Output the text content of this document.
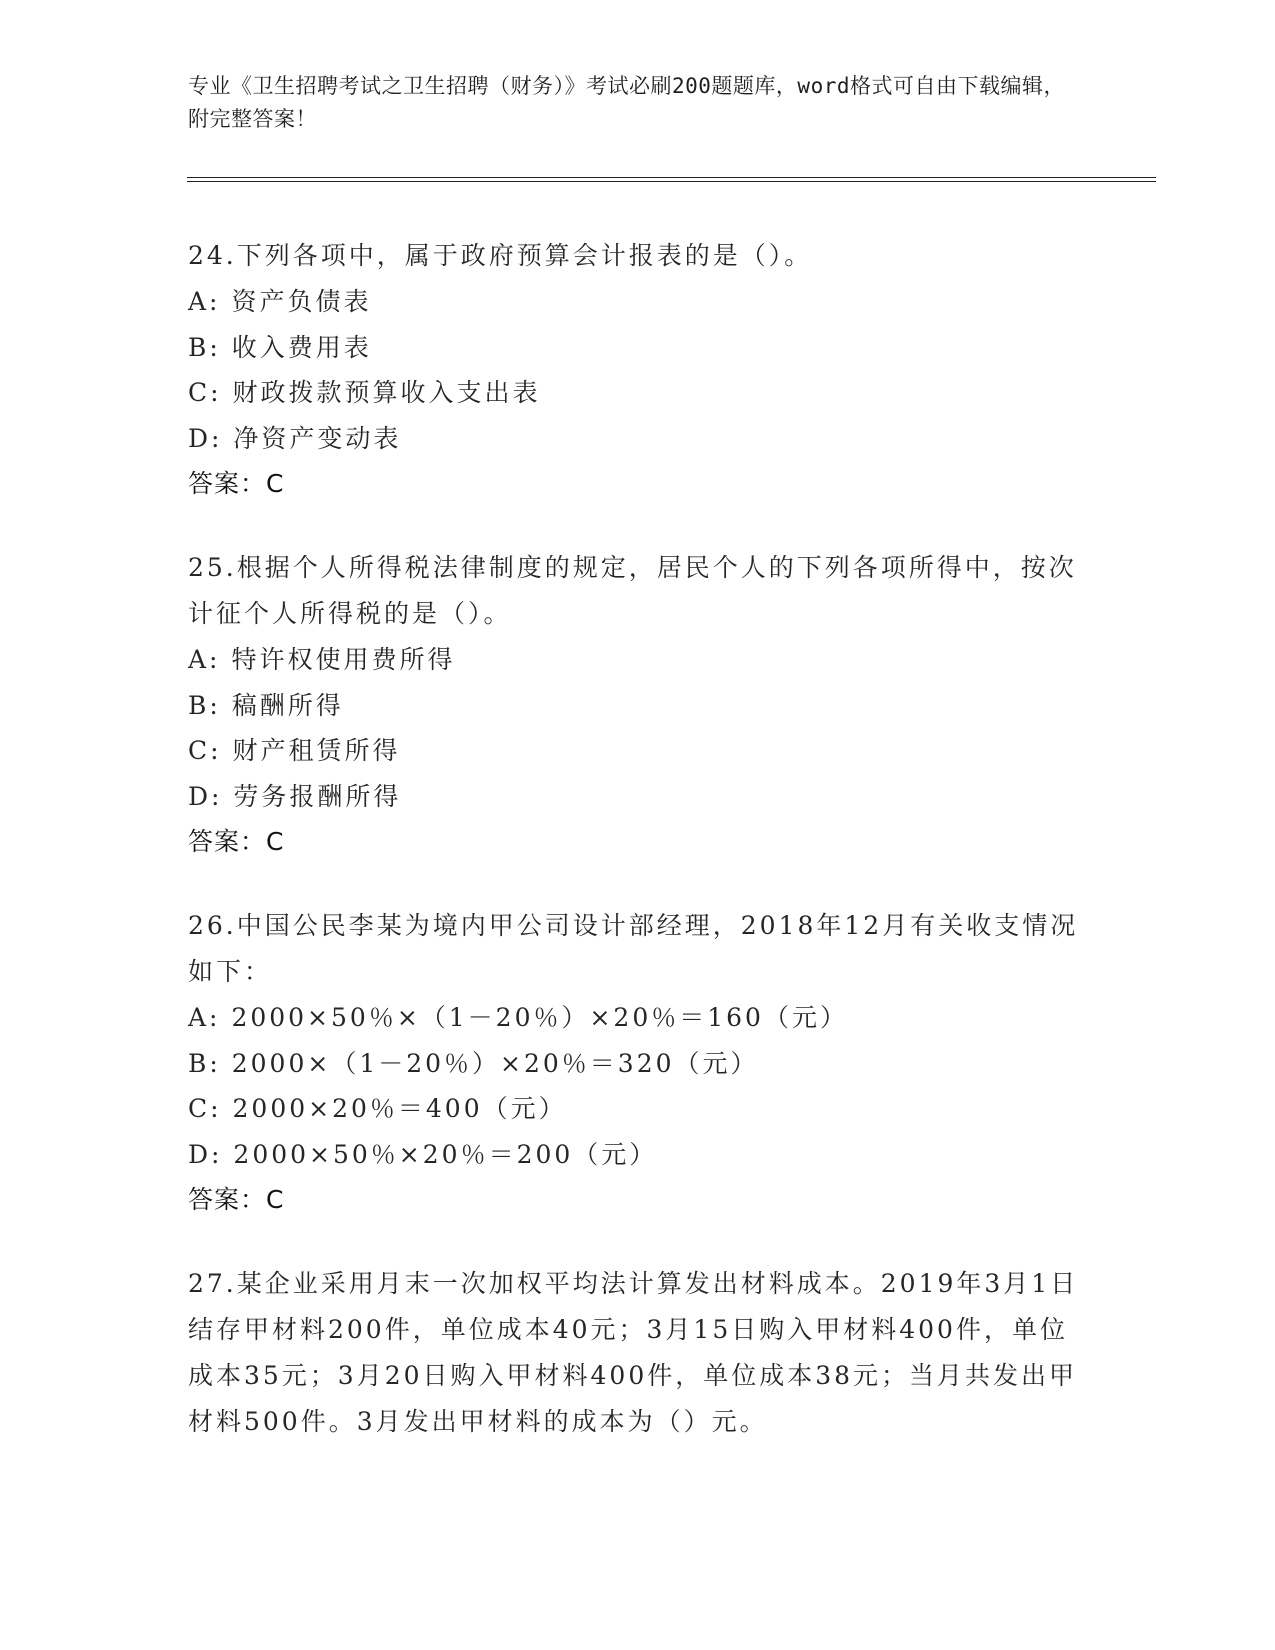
专业《卫生招聘考试之卫生招聘（财务）》考试必刷200题题库，word格式可自由下载编辑，附完整答案！

24.下列各项中，属于政府预算会计报表的是（）。

A: 资产负债表

B: 收入费用表

C: 财政拨款预算收入支出表

D: 净资产变动表

答案：C

25.根据个人所得税法律制度的规定，居民个人的下列各项所得中，按次计征个人所得税的是（）。

A: 特许权使用费所得

B: 稿酬所得

C: 财产租赁所得

D: 劳务报酬所得

答案：C

26.中国公民李某为境内甲公司设计部经理，2018年12月有关收支情况如下：

A: 2000×50％×（1－20％）×20％＝160（元）

B: 2000×（1－20％）×20％＝320（元）

C: 2000×20％＝400（元）

D: 2000×50％×20％＝200（元）

答案：C

27.某企业采用月末一次加权平均法计算发出材料成本。2019年3月1日结存甲材料200件，单位成本40元；3月15日购入甲材料400件，单位成本35元；3月20日购入甲材料400件，单位成本38元；当月共发出甲材料500件。3月发出甲材料的成本为（）元。
